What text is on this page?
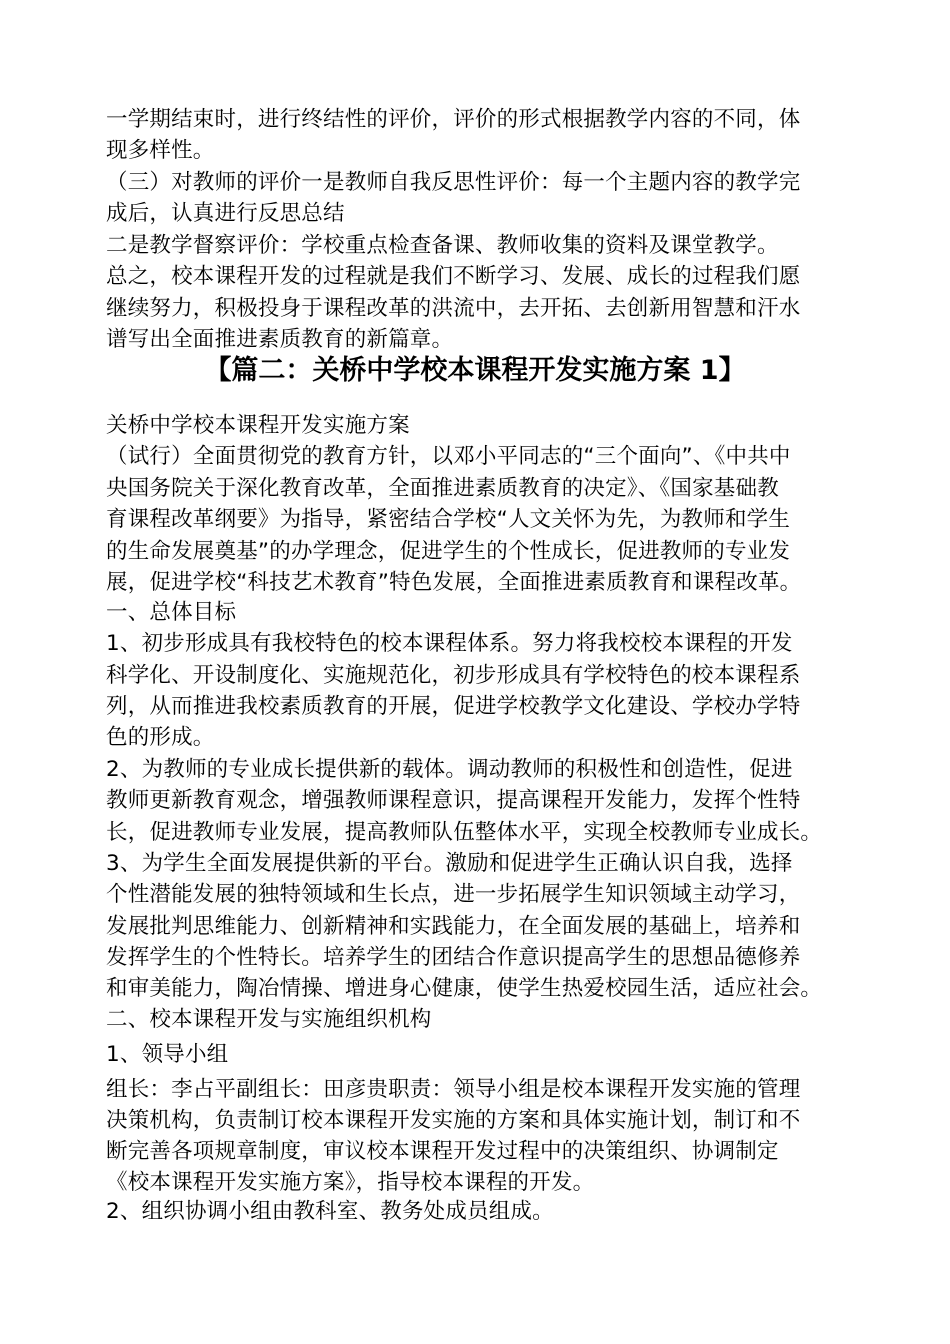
一学期结束时，进行终结性的评价，评价的形式根据教学内容的不同，体
现多样性。
（三）对教师的评价一是教师自我反思性评价：每一个主题内容的教学完
成后，认真进行反思总结
二是教学督察评价：学校重点检查备课、教师收集的资料及课堂教学。
总之，校本课程开发的过程就是我们不断学习、发展、成长的过程我们愿
继续努力，积极投身于课程改革的洪流中，去开拓、去创新用智慧和汗水
谱写出全面推进素质教育的新篇章。
【篇二：关桥中学校本课程开发实施方案 1】
关桥中学校本课程开发实施方案
（试行）全面贯彻党的教育方针，以邓小平同志的“三个面向”、《中共中
央国务院关于深化教育改革，全面推进素质教育的决定》、《国家基础教
育课程改革纲要》为指导，紧密结合学校“人文关怀为先，为教师和学生
的生命发展奠基”的办学理念，促进学生的个性成长，促进教师的专业发
展，促进学校“科技艺术教育”特色发展，全面推进素质教育和课程改革。
一、总体目标
1、初步形成具有我校特色的校本课程体系。努力将我校校本课程的开发
科学化、开设制度化、实施规范化，初步形成具有学校特色的校本课程系
列，从而推进我校素质教育的开展，促进学校教学文化建设、学校办学特
色的形成。
2、为教师的专业成长提供新的载体。调动教师的积极性和创造性，促进
教师更新教育观念，增强教师课程意识，提高课程开发能力，发挥个性特
长，促进教师专业发展，提高教师队伍整体水平，实现全校教师专业成长。
3、为学生全面发展提供新的平台。激励和促进学生正确认识自我，选择
个性潜能发展的独特领域和生长点，进一步拓展学生知识领域主动学习，
发展批判思维能力、创新精神和实践能力，在全面发展的基础上，培养和
发挥学生的个性特长。培养学生的团结合作意识提高学生的思想品德修养
和审美能力，陶冶情操、增进身心健康，使学生热爱校园生活，适应社会。
二、校本课程开发与实施组织机构
1、领导小组
组长：李占平副组长：田彦贵职责：领导小组是校本课程开发实施的管理
决策机构，负责制订校本课程开发实施的方案和具体实施计划，制订和不
断完善各项规章制度，审议校本课程开发过程中的决策组织、协调制定
《校本课程开发实施方案》，指导校本课程的开发。
2、组织协调小组由教科室、教务处成员组成。
